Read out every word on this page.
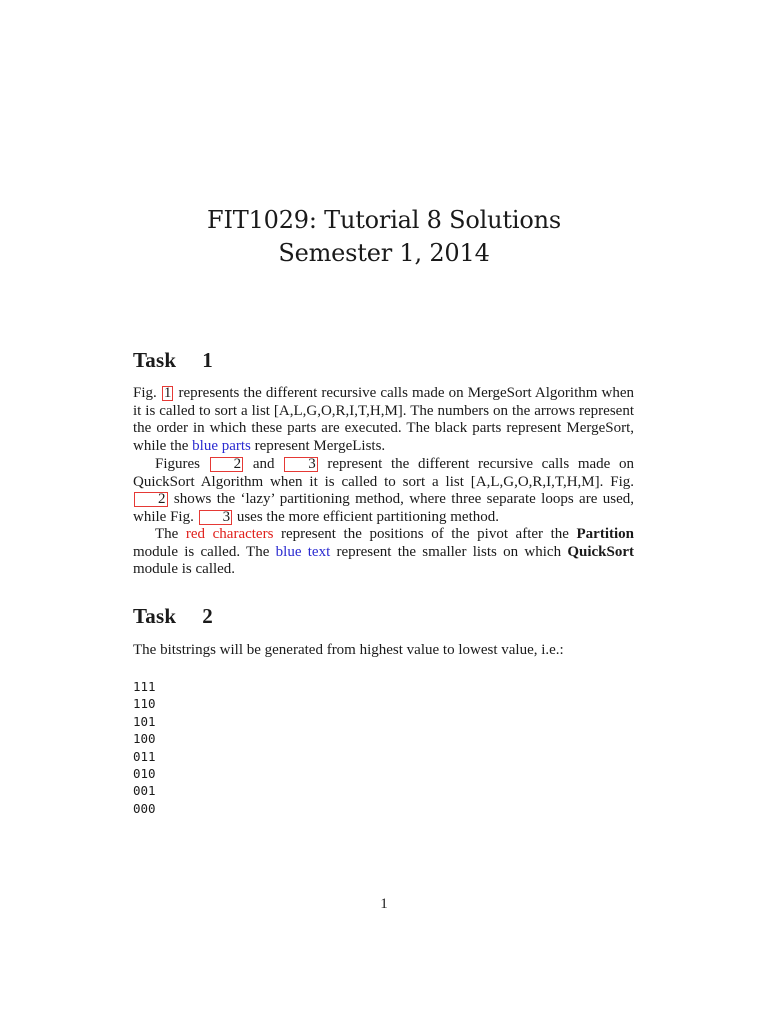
FIT1029: Tutorial 8 Solutions
Semester 1, 2014
Task 1

Fig. 1 represents the different recursive calls made on MergeSort Algorithm when it is called to sort a list [A,L,G,O,R,I,T,H,M]. The numbers on the arrows represent the order in which these parts are executed. The black parts represent MergeSort, while the blue parts represent MergeLists.

Figures 2 and 3 represent the different recursive calls made on QuickSort Algorithm when it is called to sort a list [A,L,G,O,R,I,T,H,M]. Fig. 2 shows the ‘lazy’ partitioning method, where three separate loops are used, while Fig. 3 uses the more efficient partitioning method.

The red characters represent the positions of the pivot after the Partition module is called. The blue text represent the smaller lists on which QuickSort module is called.

Task 2

The bitstrings will be generated from highest value to lowest value, i.e.:

111
110
101
100
011
010
001
000
1
